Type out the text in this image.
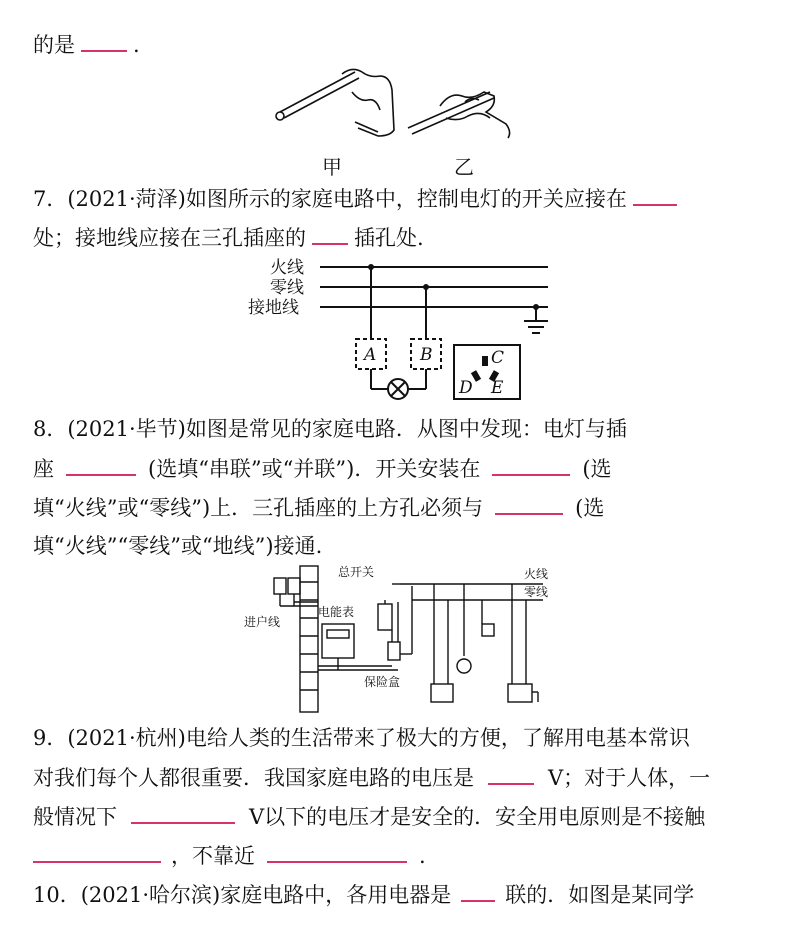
的是	.
甲	乙
7．(2021·菏泽)如图所示的家庭电路中，控制电灯的开关应接在
处；接地线应接在三孔插座的 插孔处.
火线
零线
接地线
A	B	C
D E
8．(2021·毕节)如图是常见的家庭电路．从图中发现：电灯与插
座	(选填“串联”或“并联”)．开关安装在	(选
填“火线”或“零线”)上．三孔插座的上方孔必须与	(选
填“火线”“零线”或“地线”)接通.
总开关
电能表
进户线
保险盒
火线
零线
9．(2021·杭州)电给人类的生活带来了极大的方便，了解用电基本常识
对我们每个人都很重要．我国家庭电路的电压是	V；对于人体，一
般情况下	V以下的电压才是安全的．安全用电原则是不接触
，不靠近	.
10．(2021·哈尔滨)家庭电路中，各用电器是	联的．如图是某同学
